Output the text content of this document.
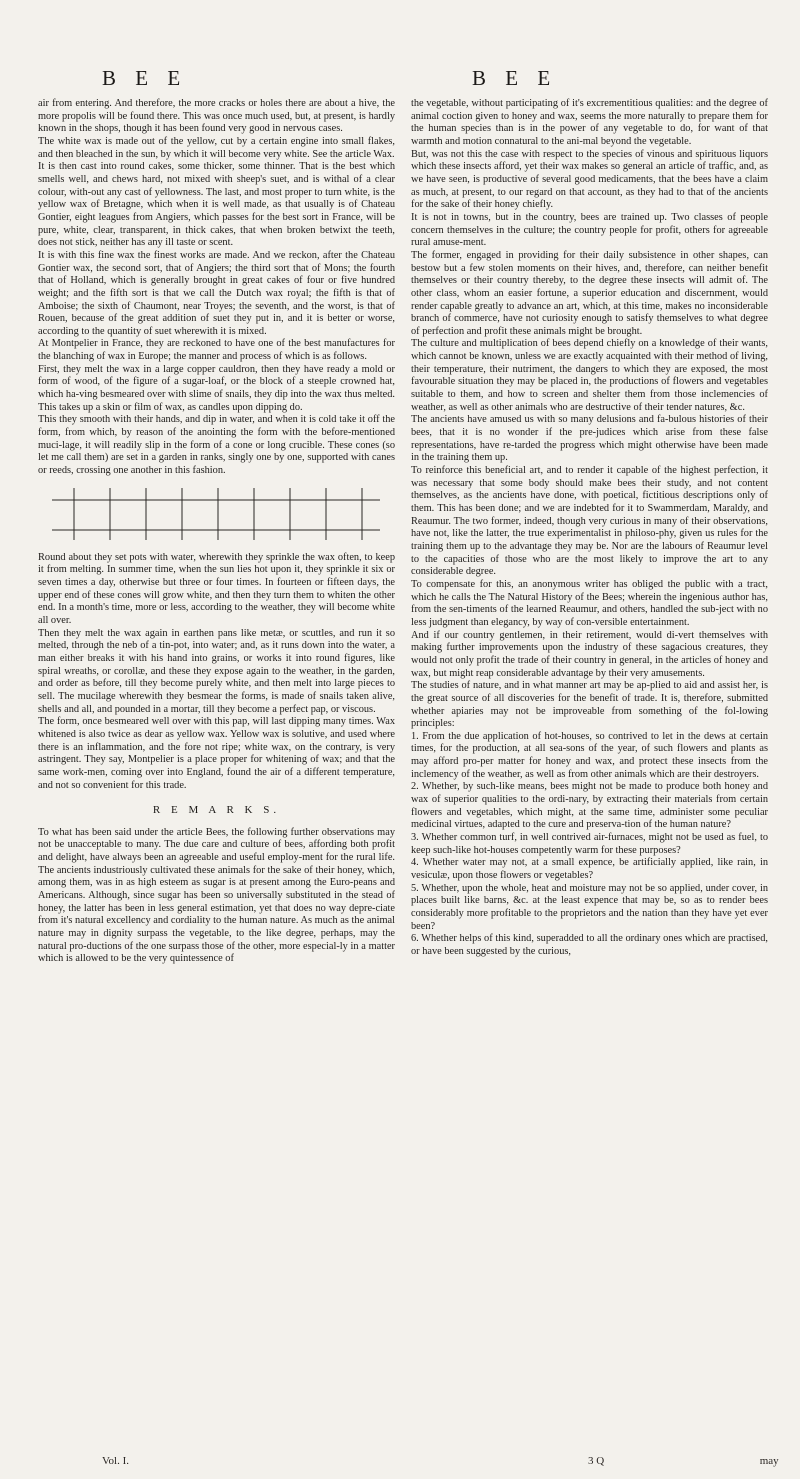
B E E	B E E

air from entering. And therefore, the more cracks or holes there are about a hive, the more propolis will be found there. This was once much used, but, at present, is hardly known in the shops, though it has been found very good in nervous cases.

The white wax is made out of the yellow, cut by a certain engine into small flakes, and then bleached in the sun, by which it will become very white. See the article Wax.

It is then cast into round cakes, some thicker, some thinner. That is the best which smells well, and chews hard, not mixed with sheep's suet, and is withal of a clear colour, with-out any cast of yellowness. The last, and most proper to turn white, is the yellow wax of Bretagne, which when it is well made, as that usually is of Chateau Gontier, eight leagues from Angiers, which passes for the best sort in France, will be pure, white, clear, transparent, in thick cakes, that when broken betwixt the teeth, does not stick, neither has any ill taste or scent.

It is with this fine wax the finest works are made. And we reckon, after the Chateau Gontier wax, the second sort, that of Angiers; the third sort that of Mons; the fourth that of Holland, which is generally brought in great cakes of four or five hundred weight; and the fifth sort is that we call the Dutch wax royal; the fifth is that of Amboise; the sixth of Chaumont, near Troyes; the seventh, and the worst, is that of Rouen, because of the great addition of suet they put in, and it is better or worse, according to the quantity of suet wherewith it is mixed.

At Montpelier in France, they are reckoned to have one of the best manufactures for the blanching of wax in Europe; the manner and process of which is as follows.

First, they melt the wax in a large copper cauldron, then they have ready a mold or form of wood, of the figure of a sugar-loaf, or the block of a steeple crowned hat, which ha-ving besmeared over with slime of snails, they dip into the wax thus melted. This takes up a skin or film of wax, as candles upon dipping do.

This they smooth with their hands, and dip in water, and when it is cold take it off the form, from which, by reason of the anointing the form with the before-mentioned muci-lage, it will readily slip in the form of a cone or long crucible. These cones (so let me call them) are set in a garden in ranks, singly one by one, supported with canes or reeds, crossing one another in this fashion.

Round about they set pots with water, wherewith they sprinkle the wax often, to keep it from melting. In summer time, when the sun lies hot upon it, they sprinkle it six or seven times a day, otherwise but three or four times. In fourteen or fifteen days, the upper end of these cones will grow white, and then they turn them to whiten the other end. In a month's time, more or less, according to the weather, they will become white all over.

Then they melt the wax again in earthen pans like metæ, or scuttles, and run it so melted, through the neb of a tin-pot, into water; and, as it runs down into the water, a man either breaks it with his hand into grains, or works it into round figures, like spiral wreaths, or corollæ, and these they expose again to the weather, in the garden, and order as before, till they become purely white, and then melt into large pieces to sell. The mucilage wherewith they besmear the forms, is made of snails taken alive, shells and all, and pounded in a mortar, till they become a perfect pap, or viscous.

The form, once besmeared well over with this pap, will last dipping many times. Wax whitened is also twice as dear as yellow wax. Yellow wax is solutive, and used where there is an inflammation, and the fore not ripe; white wax, on the contrary, is very astringent. They say, Montpelier is a place proper for whitening of wax; and that the same work-men, coming over into England, found the air of a different temperature, and not so convenient for this trade.

R E M A R K S.

To what has been said under the article Bees, the following further observations may not be unacceptable to many. The due care and culture of bees, affording both profit and delight, have always been an agreeable and useful employ-ment for the rural life. The ancients industriously cultivated these animals for the sake of their honey, which, among them, was in as high esteem as sugar is at present among the Euro-peans and Americans. Although, since sugar has been so universally substituted in the stead of honey, the latter has been in less general estimation, yet that does no way depre-ciate from it's natural excellency and cordiality to the human nature. As much as the animal nature may in dignity surpass the vegetable, to the like degree, perhaps, may the natural pro-ductions of the one surpass those of the other, more especial-ly in a matter which is allowed to be the very quintessence of

the vegetable, without participating of it's excrementitious qualities: and the degree of animal coction given to honey and wax, seems the more naturally to prepare them for the human species than is in the power of any vegetable to do, for want of that warmth and motion connatural to the ani-mal beyond the vegetable.

But, was not this the case with respect to the species of vinous and spirituous liquors which these insects afford, yet their wax makes so general an article of traffic, and, as we have seen, is productive of several good medicaments, that the bees have a claim as much, at present, to our regard on that account, as they had to that of the ancients for the sake of their honey chiefly.

It is not in towns, but in the country, bees are trained up. Two classes of people concern themselves in the culture; the country people for profit, others for agreeable rural amuse-ment.

The former, engaged in providing for their daily subsistence in other shapes, can bestow but a few stolen moments on their hives, and, therefore, can neither benefit themselves or their country thereby, to the degree these insects will admit of. The other class, whom an easier fortune, a superior education and discernment, would render capable greatly to advance an art, which, at this time, makes no inconsiderable branch of commerce, have not curiosity enough to satisfy themselves to what degree of perfection and profit these animals might be brought.

The culture and multiplication of bees depend chiefly on a knowledge of their wants, which cannot be known, unless we are exactly acquainted with their method of living, their temperature, their nutriment, the dangers to which they are exposed, the most favourable situation they may be placed in, the productions of flowers and vegetables suitable to them, and how to screen and shelter them from those inclemencies of weather, as well as other animals who are destructive of their tender natures, &c.

The ancients have amused us with so many delusions and fa-bulous histories of their bees, that it is no wonder if the pre-judices which arise from these false representations, have re-tarded the progress which might otherwise have been made in the training them up.

To reinforce this beneficial art, and to render it capable of the highest perfection, it was necessary that some body should make bees their study, and not content themselves, as the ancients have done, with poetical, fictitious descriptions only of them. This has been done; and we are indebted for it to Swammerdam, Maraldy, and Reaumur. The two former, indeed, though very curious in many of their observations, have not, like the latter, the true experimentalist in philoso-phy, given us rules for the training them up to the advantage they may be. Nor are the labours of Reaumur level to the capacities of those who are the most likely to improve the art to any considerable degree.

To compensate for this, an anonymous writer has obliged the public with a tract, which he calls the The Natural History of the Bees; wherein the ingenious author has, from the sen-timents of the learned Reaumur, and others, handled the sub-ject with no less judgment than elegancy, by way of con-versible entertainment.

And if our country gentlemen, in their retirement, would di-vert themselves with making further improvements upon the industry of these sagacious creatures, they would not only profit the trade of their country in general, in the articles of honey and wax, but might reap considerable advantage by their very amusements.

The studies of nature, and in what manner art may be ap-plied to aid and assist her, is the great source of all discoveries for the benefit of trade. It is, therefore, submitted whether apiaries may not be improveable from something of the fol-lowing principles:

1. From the due application of hot-houses, so contrived to let in the dews at certain times, for the production, at all sea-sons of the year, of such flowers and plants as may afford pro-per matter for honey and wax, and protect these insects from the inclemency of the weather, as well as from other animals which are their destroyers.

2. Whether, by such-like means, bees might not be made to produce both honey and wax of superior qualities to the ordi-nary, by extracting their materials from certain flowers and vegetables, which might, at the same time, administer some peculiar medicinal virtues, adapted to the cure and preserva-tion of the human nature?

3. Whether common turf, in well contrived air-furnaces, might not be used as fuel, to keep such-like hot-houses competently warm for these purposes?

4. Whether water may not, at a small expence, be artificially applied, like rain, in vesiculæ, upon those flowers or vegetables?

5. Whether, upon the whole, heat and moisture may not be so applied, under cover, in places built like barns, &c. at the least expence that may be, so as to render bees considerably more profitable to the proprietors and the nation than they have yet ever been?

6. Whether helps of this kind, superadded to all the ordinary ones which are practised, or have been suggested by the curious,

Vol. I.	3 Q	may
